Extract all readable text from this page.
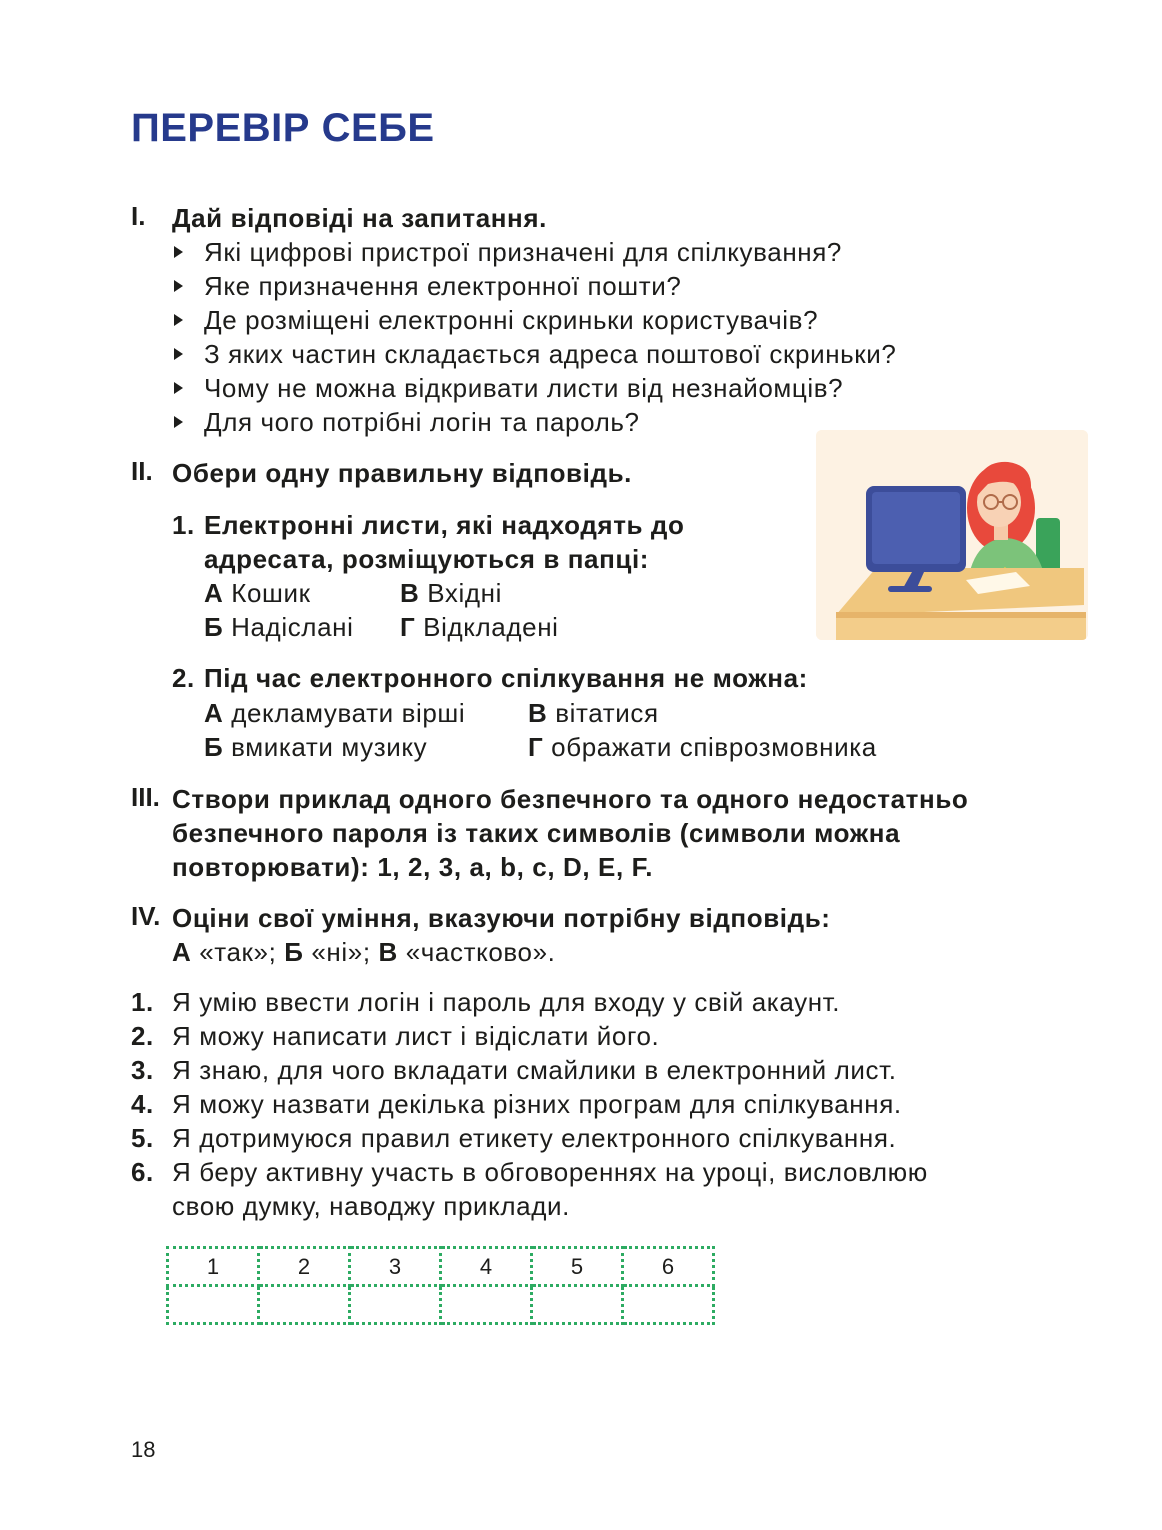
ПЕРЕВІР СЕБЕ
I. Дай відповіді на запитання.
Які цифрові пристрої призначені для спілкування?
Яке призначення електронної пошти?
Де розміщені електронні скриньки користувачів?
З яких частин складається адреса поштової скриньки?
Чому не можна відкривати листи від незнайомців?
Для чого потрібні логін та пароль?
II. Обери одну правильну відповідь.
1. Електронні листи, які надходять до
адресата, розміщуються в папці:
А Кошик	В Вхідні
Б Надіслані Г Відкладені
2. Під час електронного спілкування не можна:
А декламувати вірші В вітатися
Б вмикати музику	Г ображати співрозмовника
III. Створи приклад одного безпечного та одного недостатньо
безпечного пароля із таких символів (символи можна
повторювати): 1, 2, 3, a, b, c, D, E, F.
IV. Оціни свої уміння, вказуючи потрібну відповідь:
А «так»; Б «ні»; В «частково».
1. Я умію ввести логін і пароль для входу у свій акаунт.
2. Я можу написати лист і відіслати його.
3. Я знаю, для чого вкладати смайлики в електронний лист.
4. Я можу назвати декілька різних програм для спілкування.
5. Я дотримуюся правил етикету електронного спілкування.
6. Я беру активну участь в обговореннях на уроці, висловлюю
свою думку, наводжу приклади.
1	2	3	4	5	6

18
